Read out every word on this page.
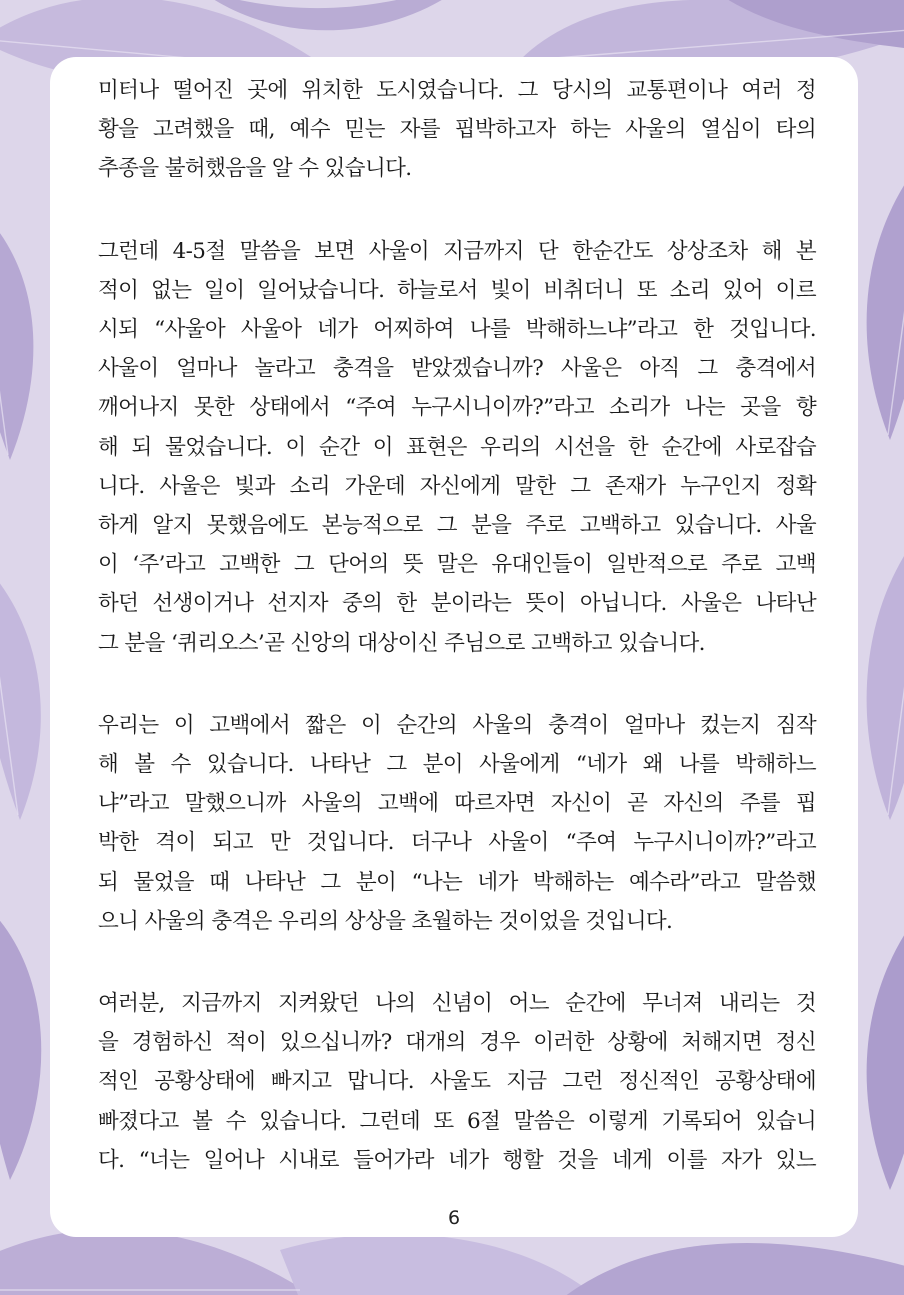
미터나 떨어진 곳에 위치한 도시였습니다. 그 당시의 교통편이나 여러 정
황을 고려했을 때, 예수 믿는 자를 핍박하고자 하는 사울의 열심이 타의
추종을 불허했음을 알 수 있습니다.
그런데 4-5절 말씀을 보면 사울이 지금까지 단 한순간도 상상조차 해 본
적이 없는 일이 일어났습니다. 하늘로서 빛이 비취더니 또 소리 있어 이르
시되 “사울아 사울아 네가 어찌하여 나를 박해하느냐”라고 한 것입니다.
사울이 얼마나 놀라고 충격을 받았겠습니까? 사울은 아직 그 충격에서
깨어나지 못한 상태에서 “주여 누구시니이까?”라고 소리가 나는 곳을 향
해 되 물었습니다. 이 순간 이 표현은 우리의 시선을 한 순간에 사로잡습
니다. 사울은 빛과 소리 가운데 자신에게 말한 그 존재가 누구인지 정확
하게 알지 못했음에도 본능적으로 그 분을 주로 고백하고 있습니다. 사울
이 ‘주’라고 고백한 그 단어의 뜻 말은 유대인들이 일반적으로 주로 고백
하던 선생이거나 선지자 중의 한 분이라는 뜻이 아닙니다. 사울은 나타난
그 분을 ‘퀴리오스’곧 신앙의 대상이신 주님으로 고백하고 있습니다.
우리는 이 고백에서 짧은 이 순간의 사울의 충격이 얼마나 컸는지 짐작
해 볼 수 있습니다. 나타난 그 분이 사울에게 “네가 왜 나를 박해하느
냐”라고 말했으니까 사울의 고백에 따르자면 자신이 곧 자신의 주를 핍
박한 격이 되고 만 것입니다. 더구나 사울이 “주여 누구시니이까?”라고
되 물었을 때 나타난 그 분이 “나는 네가 박해하는 예수라”라고 말씀했
으니 사울의 충격은 우리의 상상을 초월하는 것이었을 것입니다.
여러분, 지금까지 지켜왔던 나의 신념이 어느 순간에 무너져 내리는 것
을 경험하신 적이 있으십니까? 대개의 경우 이러한 상황에 처해지면 정신
적인 공황상태에 빠지고 맙니다. 사울도 지금 그런 정신적인 공황상태에
빠졌다고 볼 수 있습니다. 그런데 또 6절 말씀은 이렇게 기록되어 있습니
다. “너는 일어나 시내로 들어가라 네가 행할 것을 네게 이를 자가 있느
6
